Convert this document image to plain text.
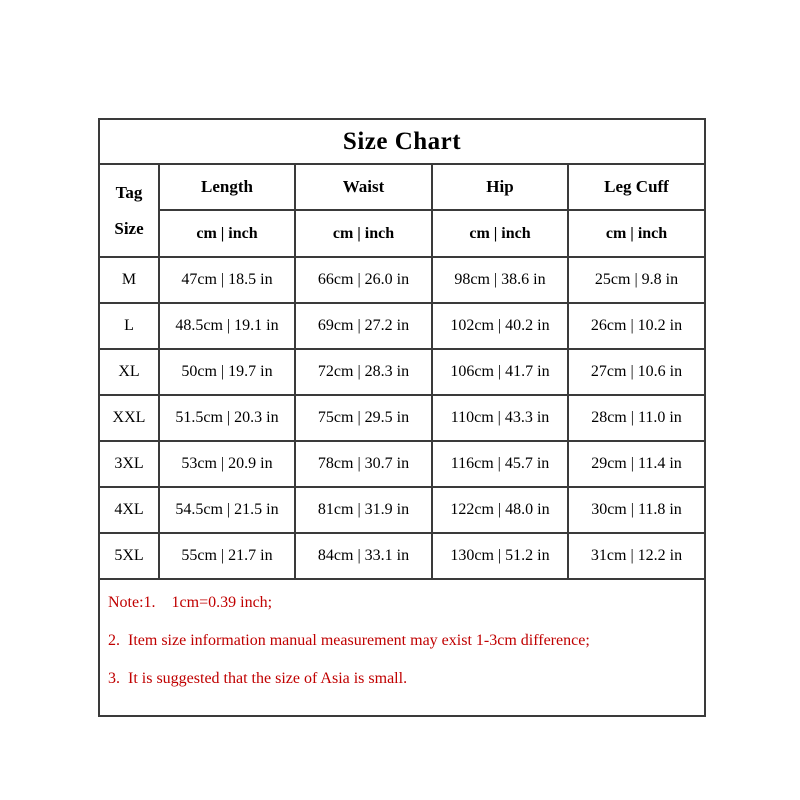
Size Chart				

Tag
Size	Length	Waist	Hip	Leg Cuff
	cm | inch	cm | inch	cm | inch	cm | inch
M	47cm | 18.5 in	66cm | 26.0 in	98cm | 38.6 in	25cm | 9.8 in
L	48.5cm | 19.1 in	69cm | 27.2 in	102cm | 40.2 in	26cm | 10.2 in
XL	50cm | 19.7 in	72cm | 28.3 in	106cm | 41.7 in	27cm | 10.6 in
XXL	51.5cm | 20.3 in	75cm | 29.5 in	110cm | 43.3 in	28cm | 11.0 in
3XL	53cm | 20.9 in	78cm | 30.7 in	116cm | 45.7 in	29cm | 11.4 in
4XL	54.5cm | 21.5 in	81cm | 31.9 in	122cm | 48.0 in	30cm | 11.8 in
5XL	55cm | 21.7 in	84cm | 33.1 in	130cm | 51.2 in	31cm | 12.2 in

Note:1.    1cm=0.39 inch;
2.  Item size information manual measurement may exist 1-3cm difference;
3.  It is suggested that the size of Asia is small.				
